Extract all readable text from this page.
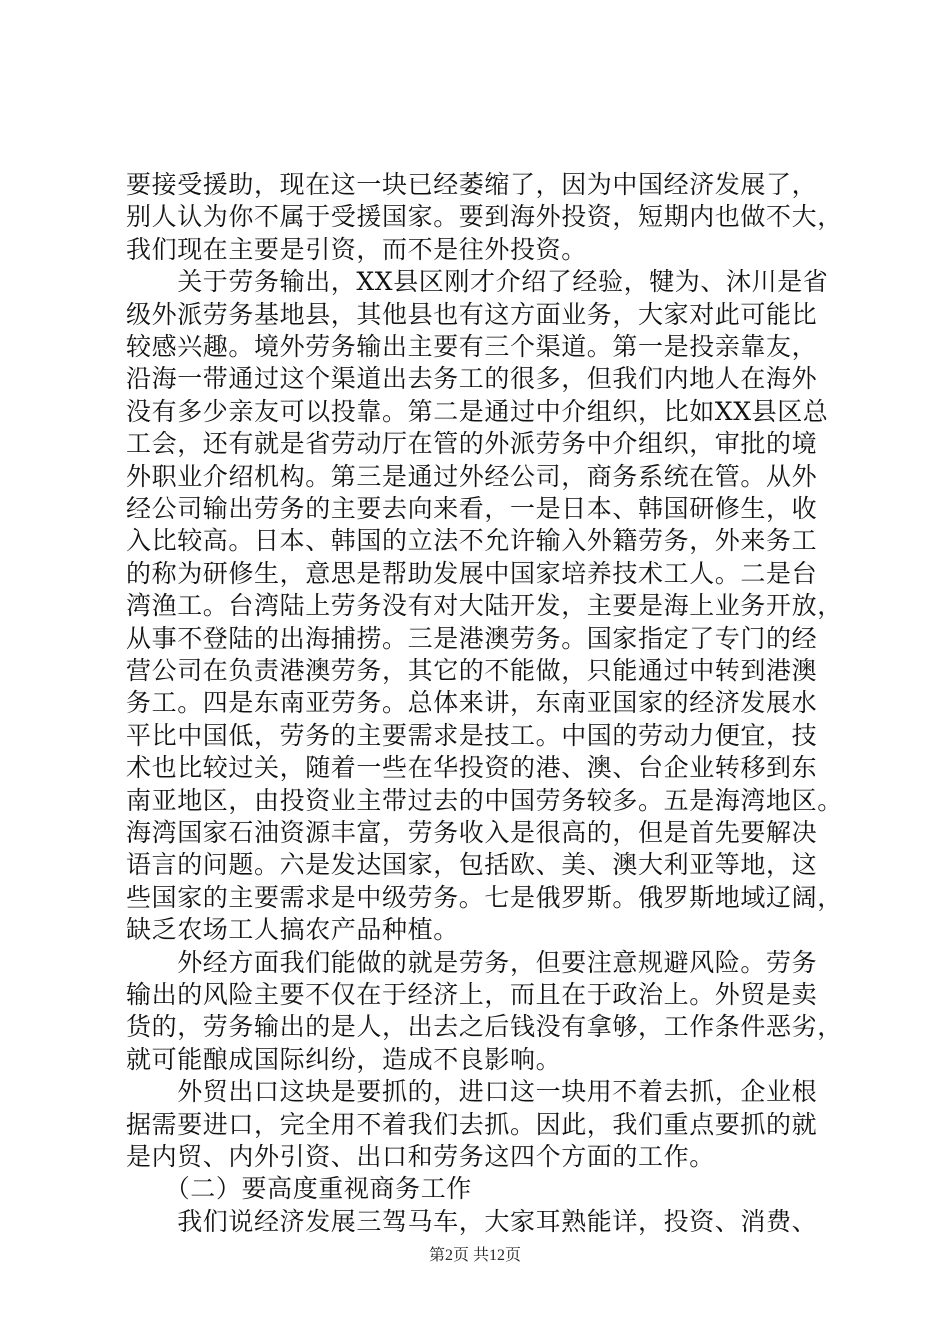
要接受援助，现在这一块已经萎缩了，因为中国经济发展了，
别人认为你不属于受援国家。要到海外投资，短期内也做不大，
我们现在主要是引资，而不是往外投资。
　　关于劳务输出，XX县区刚才介绍了经验，犍为、沐川是省
级外派劳务基地县，其他县也有这方面业务，大家对此可能比
较感兴趣。境外劳务输出主要有三个渠道。第一是投亲靠友，
沿海一带通过这个渠道出去务工的很多，但我们内地人在海外
没有多少亲友可以投靠。第二是通过中介组织，比如XX县区总
工会，还有就是省劳动厅在管的外派劳务中介组织，审批的境
外职业介绍机构。第三是通过外经公司，商务系统在管。从外
经公司输出劳务的主要去向来看，一是日本、韩国研修生，收
入比较高。日本、韩国的立法不允许输入外籍劳务，外来务工
的称为研修生，意思是帮助发展中国家培养技术工人。二是台
湾渔工。台湾陆上劳务没有对大陆开发，主要是海上业务开放，
从事不登陆的出海捕捞。三是港澳劳务。国家指定了专门的经
营公司在负责港澳劳务，其它的不能做，只能通过中转到港澳
务工。四是东南亚劳务。总体来讲，东南亚国家的经济发展水
平比中国低，劳务的主要需求是技工。中国的劳动力便宜，技
术也比较过关，随着一些在华投资的港、澳、台企业转移到东
南亚地区，由投资业主带过去的中国劳务较多。五是海湾地区。
海湾国家石油资源丰富，劳务收入是很高的，但是首先要解决
语言的问题。六是发达国家，包括欧、美、澳大利亚等地，这
些国家的主要需求是中级劳务。七是俄罗斯。俄罗斯地域辽阔，
缺乏农场工人搞农产品种植。
　　外经方面我们能做的就是劳务，但要注意规避风险。劳务
输出的风险主要不仅在于经济上，而且在于政治上。外贸是卖
货的，劳务输出的是人，出去之后钱没有拿够，工作条件恶劣，
就可能酿成国际纠纷，造成不良影响。
　　外贸出口这块是要抓的，进口这一块用不着去抓，企业根
据需要进口，完全用不着我们去抓。因此，我们重点要抓的就
是内贸、内外引资、出口和劳务这四个方面的工作。
　　（二）要高度重视商务工作
　　我们说经济发展三驾马车，大家耳熟能详，投资、消费、
第2页 共12页
